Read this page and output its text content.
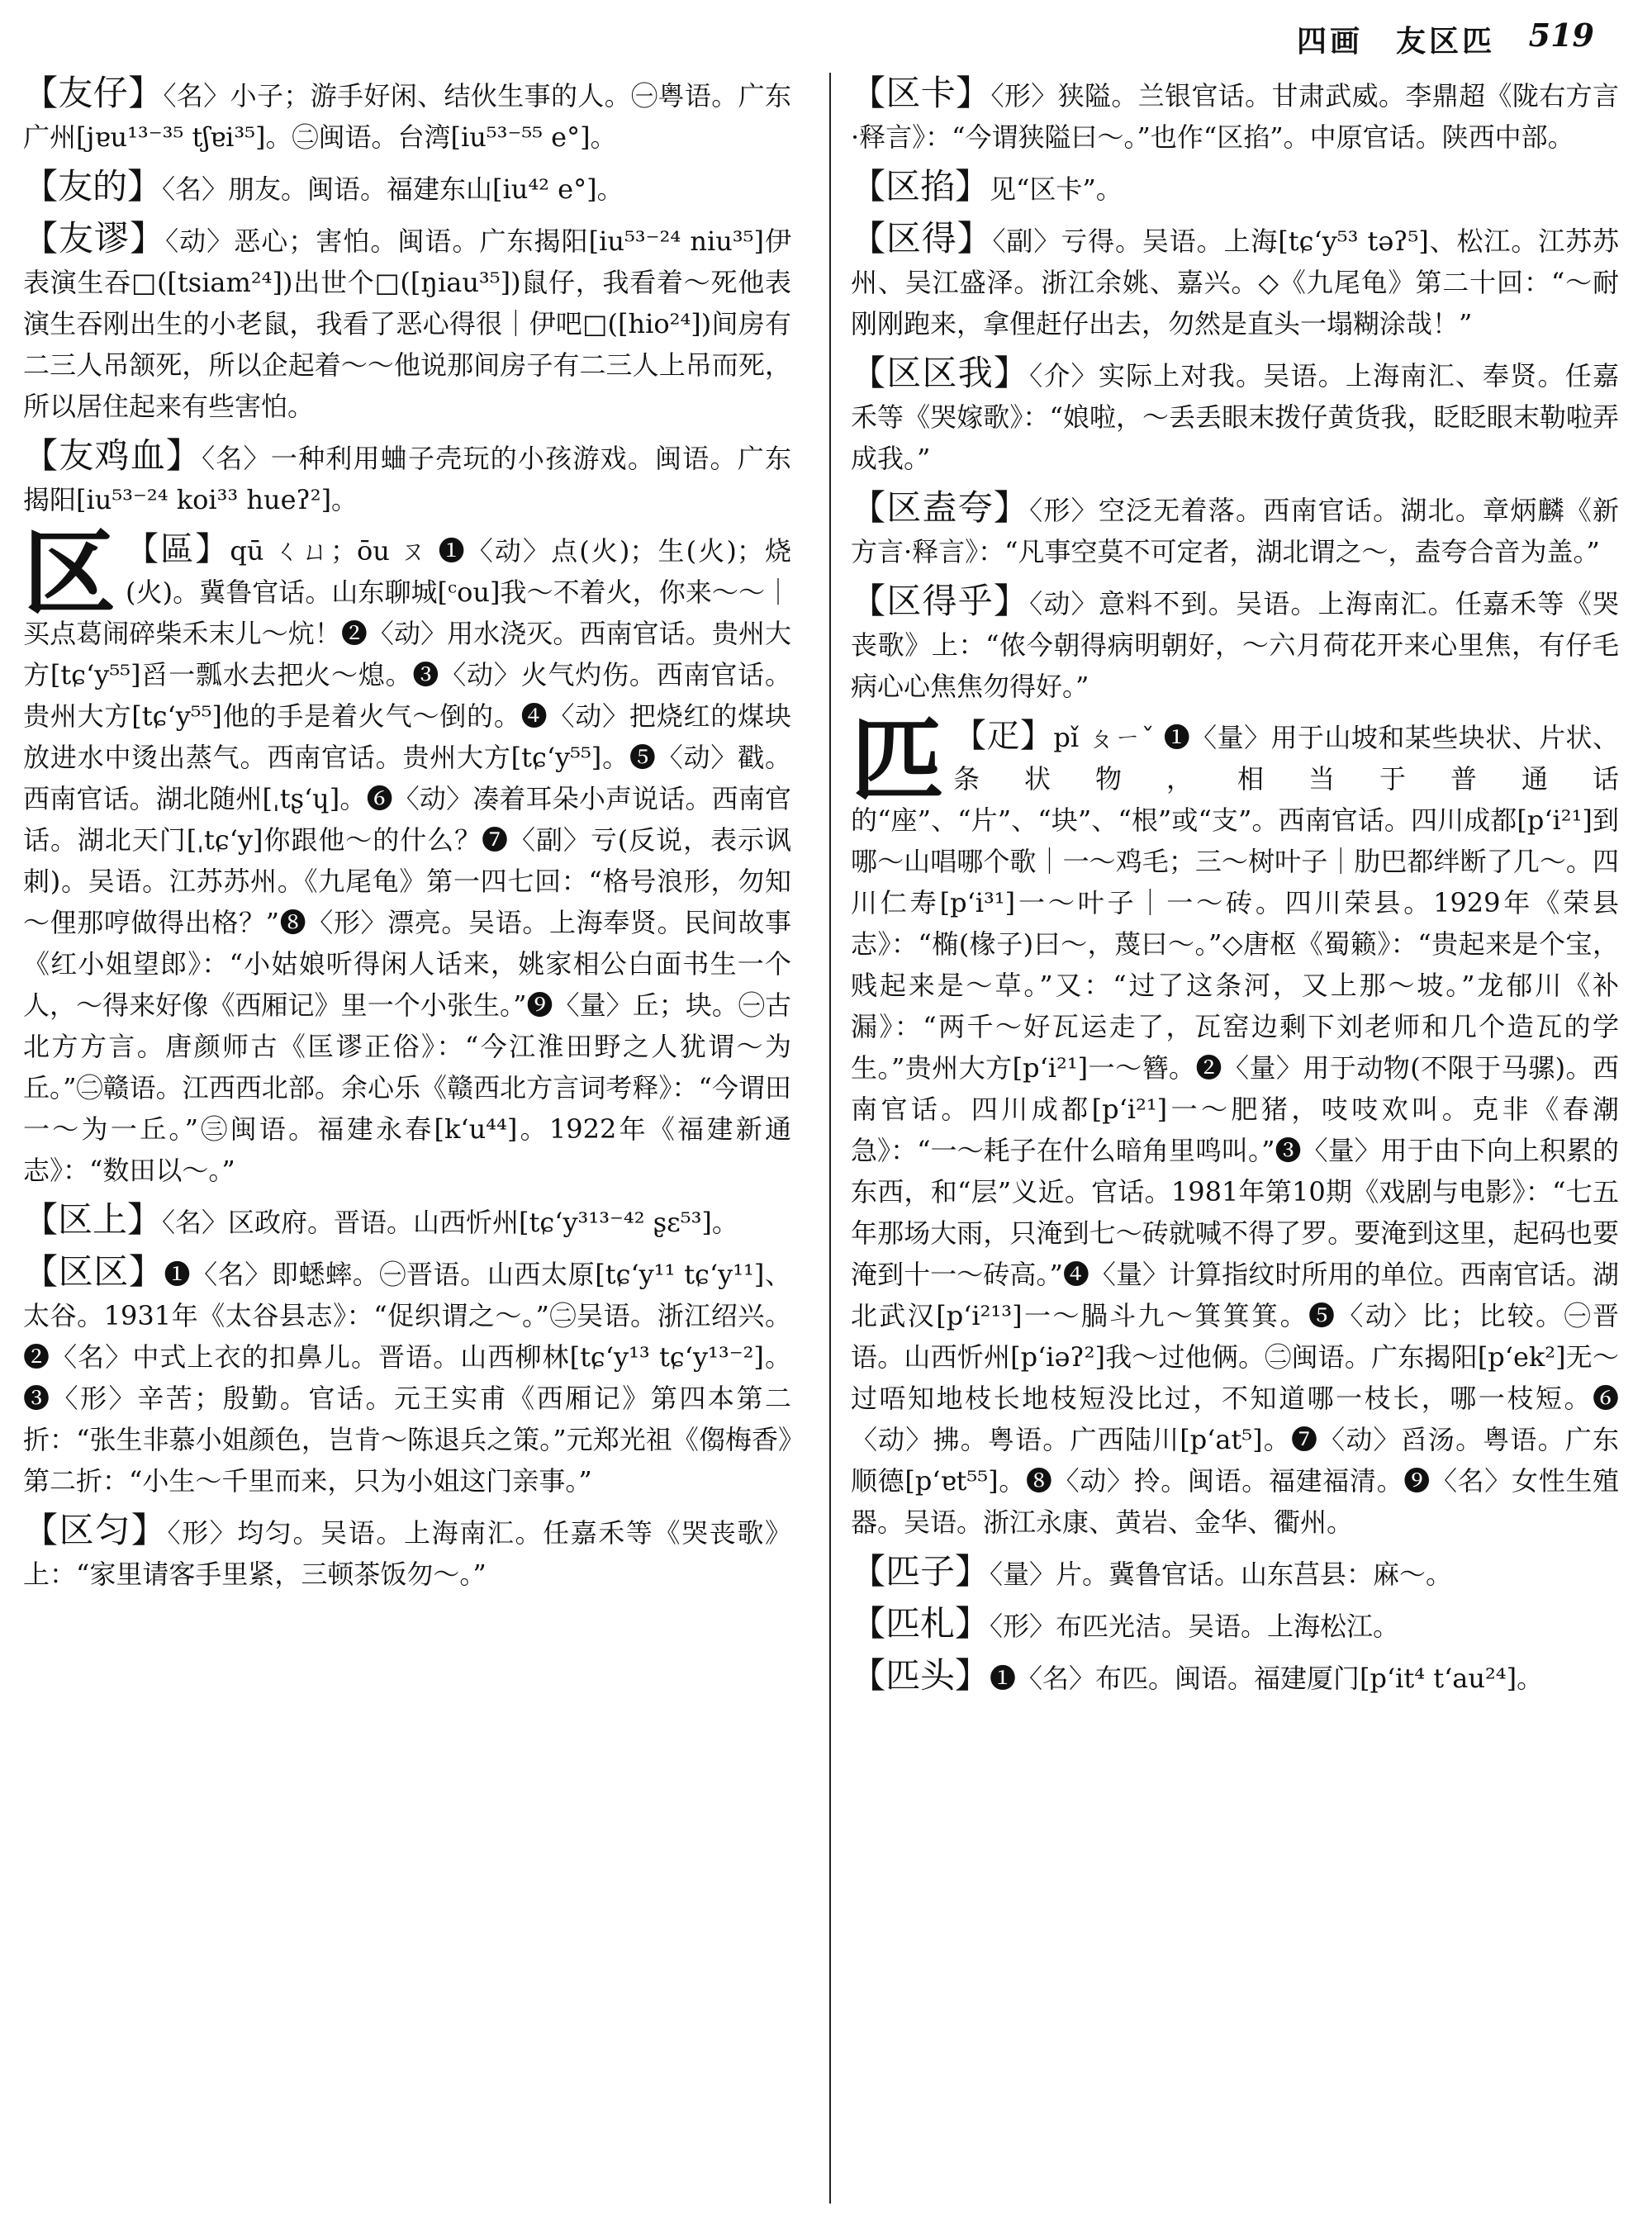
四画　友区匹 519

【友仔】〈名〉小子；游手好闲、结伙生事的人。㊀粤语。广东广州[jɐu¹³⁻³⁵ tʃɐi³⁵]。㊁闽语。台湾[iu⁵³⁻⁵⁵ e°]。

【友的】〈名〉朋友。闽语。福建东山[iu⁴² e°]。

【友谬】〈动〉恶心；害怕。闽语。广东揭阳[iu⁵³⁻²⁴ niu³⁵]伊表演生吞□([tsiam²⁴])出世个□([ŋiau³⁵])鼠仔，我看着～死他表演生吞刚出生的小老鼠，我看了恶心得很｜伊吧□([hio²⁴])间房有二三人吊颔死，所以企起着～～他说那间房子有二三人上吊而死，所以居住起来有些害怕。

【友鸡血】〈名〉一种利用蛐子壳玩的小孩游戏。闽语。广东揭阳[iu⁵³⁻²⁴ koi³³ hueʔ²]。

区 【區】qū ㄑㄩ；ōu ㄡ ❶〈动〉点(火)；生(火)；烧(火)。冀鲁官话。山东聊城[ᶜou]我～不着火，你来～～｜买点葛闹碎柴禾末儿～炕！❷〈动〉用水浇灭。西南官话。贵州大方[tɕʻy⁵⁵]舀一瓢水去把火～熄。❸〈动〉火气灼伤。西南官话。贵州大方[tɕʻy⁵⁵]他的手是着火气～倒的。❹〈动〉把烧红的煤块放进水中烫出蒸气。西南官话。贵州大方[tɕʻy⁵⁵]。❺〈动〉戳。西南官话。湖北随州[ˌtʂʻɥ]。❻〈动〉凑着耳朵小声说话。西南官话。湖北天门[ˌtɕʻy]你跟他～的什么？❼〈副〉亏(反说，表示讽刺)。吴语。江苏苏州。《九尾龟》第一四七回：“格号浪形，勿知～俚那哼做得出格？”❽〈形〉漂亮。吴语。上海奉贤。民间故事《红小姐望郎》：“小姑娘听得闲人话来，姚家相公白面书生一个人，～得来好像《西厢记》里一个小张生。”❾〈量〉丘；块。㊀古北方方言。唐颜师古《匡谬正俗》：“今江淮田野之人犹谓～为丘。”㊁赣语。江西西北部。余心乐《赣西北方言词考释》：“今谓田一～为一丘。”㊂闽语。福建永春[kʻu⁴⁴]。1922年《福建新通志》：“数田以～。”

【区上】〈名〉区政府。晋语。山西忻州[tɕʻy³¹³⁻⁴² ʂɛ⁵³]。

【区区】❶〈名〉即蟋蟀。㊀晋语。山西太原[tɕʻy¹¹ tɕʻy¹¹]、太谷。1931年《太谷县志》：“促织谓之～。”㊁吴语。浙江绍兴。❷〈名〉中式上衣的扣鼻儿。晋语。山西柳林[tɕʻy¹³ tɕʻy¹³⁻²]。❸〈形〉辛苦；殷勤。官话。元王实甫《西厢记》第四本第二折：“张生非慕小姐颜色，岂肯～陈退兵之策。”元郑光祖《㑳梅香》第二折：“小生～千里而来，只为小姐这门亲事。”

【区匀】〈形〉均匀。吴语。上海南汇。任嘉禾等《哭丧歌》上：“家里请客手里紧，三顿茶饭勿～。”

【区卡】〈形〉狭隘。兰银官话。甘肃武威。李鼎超《陇右方言·释言》：“今谓狭隘曰～。”也作“区掐”。中原官话。陕西中部。

【区掐】见“区卡”。

【区得】〈副〉亏得。吴语。上海[tɕʻy⁵³ təʔ⁵]、松江。江苏苏州、吴江盛泽。浙江余姚、嘉兴。◇《九尾龟》第二十回：“～耐刚刚跑来，拿俚赶仔出去，勿然是直头一塌糊涂哉！”

【区区我】〈介〉实际上对我。吴语。上海南汇、奉贤。任嘉禾等《哭嫁歌》：“娘啦，～丢丢眼末拨仔黄货我，眨眨眼末勒啦弄成我。”

【区盍夸】〈形〉空泛无着落。西南官话。湖北。章炳麟《新方言·释言》：“凡事空莫不可定者，湖北谓之～，盍夸合音为盖。”

【区得乎】〈动〉意料不到。吴语。上海南汇。任嘉禾等《哭丧歌》上：“侬今朝得病明朝好，～六月荷花开来心里焦，有仔毛病心心焦焦勿得好。”

匹 【疋】pǐ ㄆㄧˇ ❶〈量〉用于山坡和某些块状、片状、条状物，相当于普通话的“座”、“片”、“块”、“根”或“支”。西南官话。四川成都[pʻi²¹]到哪～山唱哪个歌｜一～鸡毛；三～树叶子｜肋巴都绊断了几～。四川仁寿[pʻi³¹]一～叶子｜一～砖。四川荣县。1929年《荣县志》：“椭(椽子)曰～，蔑曰～。”◇唐枢《蜀籁》：“贵起来是个宝，贱起来是～草。”又：“过了这条河，又上那～坡。”龙郁川《补漏》：“两千～好瓦运走了，瓦窑边剩下刘老师和几个造瓦的学生。”贵州大方[pʻi²¹]一～簪。❷〈量〉用于动物(不限于马骡)。西南官话。四川成都[pʻi²¹]一～肥猪，吱吱欢叫。克非《春潮急》：“一～耗子在什么暗角里鸣叫。”❸〈量〉用于由下向上积累的东西，和“层”义近。官话。1981年第10期《戏剧与电影》：“七五年那场大雨，只淹到七～砖就喊不得了罗。要淹到这里，起码也要淹到十一～砖高。”❹〈量〉计算指纹时所用的单位。西南官话。湖北武汉[pʻi²¹³]一～腡斗九～箕箕箕。❺〈动〉比；比较。㊀晋语。山西忻州[pʻiəʔ²]我～过他俩。㊁闽语。广东揭阳[pʻek²]无～过唔知地枝长地枝短没比过，不知道哪一枝长，哪一枝短。❻〈动〉拂。粤语。广西陆川[pʻat⁵]。❼〈动〉舀汤。粤语。广东顺德[pʻɐt⁵⁵]。❽〈动〉拎。闽语。福建福清。❾〈名〉女性生殖器。吴语。浙江永康、黄岩、金华、衢州。

【匹子】〈量〉片。冀鲁官话。山东莒县：麻～。

【匹札】〈形〉布匹光洁。吴语。上海松江。

【匹头】❶〈名〉布匹。闽语。福建厦门[pʻit⁴ tʻau²⁴]。
